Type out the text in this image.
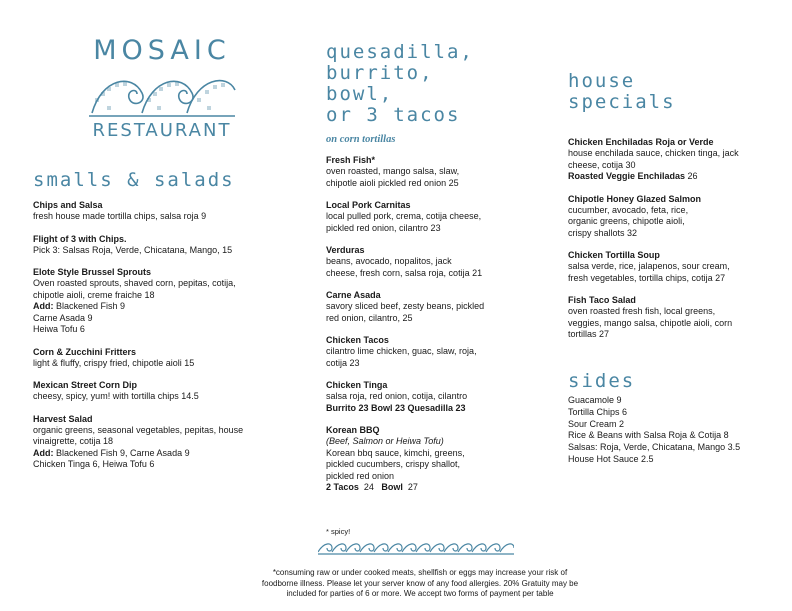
MOSAIC
RESTAURANT
smalls & salads
Chips and Salsa
fresh house made tortilla chips, salsa roja 9
Flight of 3 with Chips.
Pick 3: Salsas Roja, Verde, Chicatana, Mango, 15
Elote Style Brussel Sprouts
Oven roasted sprouts, shaved corn, pepitas, cotija,
chipotle aioli, creme fraiche 18
Add: Blackened Fish 9
Carne Asada 9
Heiwa Tofu 6
Corn & Zucchini Fritters
light & fluffy, crispy fried, chipotle aioli 15
Mexican Street Corn Dip
cheesy, spicy, yum! with tortilla chips 14.5
Harvest Salad
organic greens, seasonal vegetables, pepitas, house
vinaigrette, cotija 18
Add: Blackened Fish 9, Carne Asada 9
Chicken Tinga 6, Heiwa Tofu 6
quesadilla,
burrito,
bowl,
or 3 tacos
on corn tortillas
Fresh Fish*
oven roasted, mango salsa, slaw,
chipotle aioli pickled red onion 25
Local Pork Carnitas
local pulled pork, crema, cotija cheese,
pickled red onion, cilantro 23
Verduras
beans, avocado, nopalitos, jack
cheese, fresh corn, salsa roja, cotija 21
Carne Asada
savory sliced beef, zesty beans, pickled
red onion, cilantro, 25
Chicken Tacos
cilantro lime chicken, guac, slaw, roja,
cotija 23
Chicken Tinga
salsa roja, red onion, cotija, cilantro
Burrito 23 Bowl 23 Quesadilla 23
Korean BBQ
(Beef, Salmon or Heiwa Tofu)
Korean bbq sauce, kimchi, greens,
pickled cucumbers, crispy shallot,
pickled red onion
2 Tacos  24   Bowl  27
* spicy!
house
specials
Chicken Enchiladas Roja or Verde
house enchilada sauce, chicken tinga, jack
cheese, cotija 30
Roasted Veggie Enchiladas 26
Chipotle Honey Glazed Salmon
cucumber, avocado, feta, rice,
organic greens, chipotle aioli,
crispy shallots 32
Chicken Tortilla Soup
salsa verde, rice, jalapenos, sour cream,
fresh vegetables, tortilla chips, cotija 27
Fish Taco Salad
oven roasted fresh fish, local greens,
veggies, mango salsa, chipotle aioli, corn
tortillas 27
sides
Guacamole 9
Tortilla Chips 6
Sour Cream 2
Rice & Beans with Salsa Roja & Cotija 8
Salsas: Roja, Verde, Chicatana, Mango 3.5
House Hot Sauce 2.5
*consuming raw or under cooked meats, shellfish or eggs may increase your risk of
foodborne illness. Please let your server know of any food allergies. 20% Gratuity may be
included for parties of 6 or more. We accept two forms of payment per table
